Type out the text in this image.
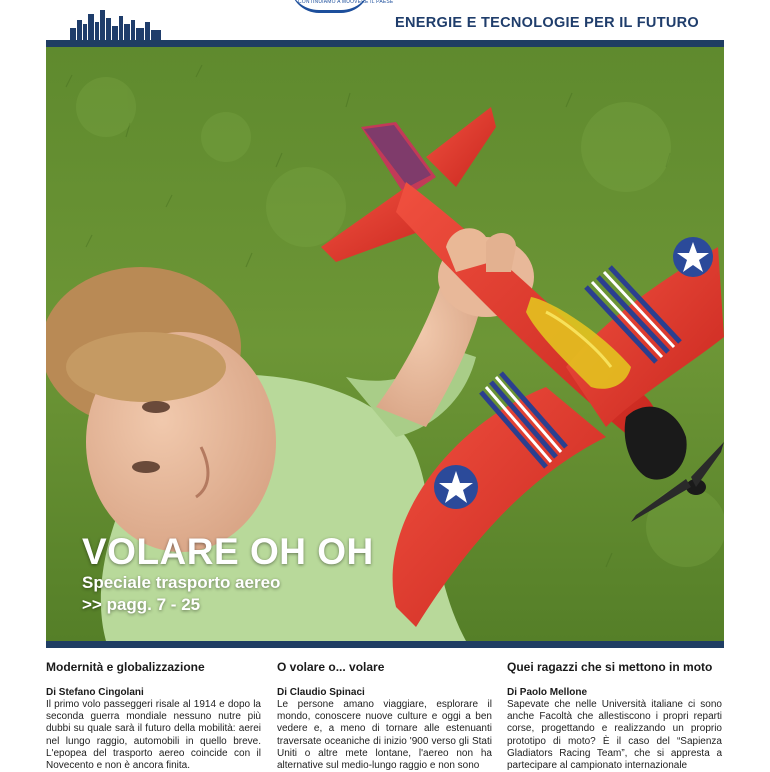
CONTINUIAMO A MUOVERE IL PAESE
ENERGIE E TECNOLOGIE PER IL FUTURO
VOLARE OH OH
Speciale trasporto aereo
>> pagg. 7 - 25
Modernità e globalizzazione
Di Stefano Cingolani

Il primo volo passeggeri risale al 1914 e dopo la seconda guerra mondiale nessuno nutre più dubbi su quale sarà il futuro della mobilità: aerei nel lungo raggio, automobili in quello breve. L'epopea del trasporto aereo coincide con il Novecento e non è ancora finita.

O volare o... volare
Di Claudio Spinaci

Le persone amano viaggiare, esplorare il mondo, conoscere nuove culture e oggi a ben vedere e, a meno di tornare alle estenuanti traversate oceaniche di inizio '900 verso gli Stati Uniti o altre mete lontane, l'aereo non ha alternative sul medio-lungo raggio e non sono

Quei ragazzi che si mettono in moto
Di Paolo Mellone

Sapevate che nelle Università italiane ci sono anche Facoltà che allestiscono i propri reparti corse, progettando e realizzando un proprio prototipo di moto? È il caso del “Sapienza Gladiators Racing Team”, che si appresta a partecipare al campionato internazionale
